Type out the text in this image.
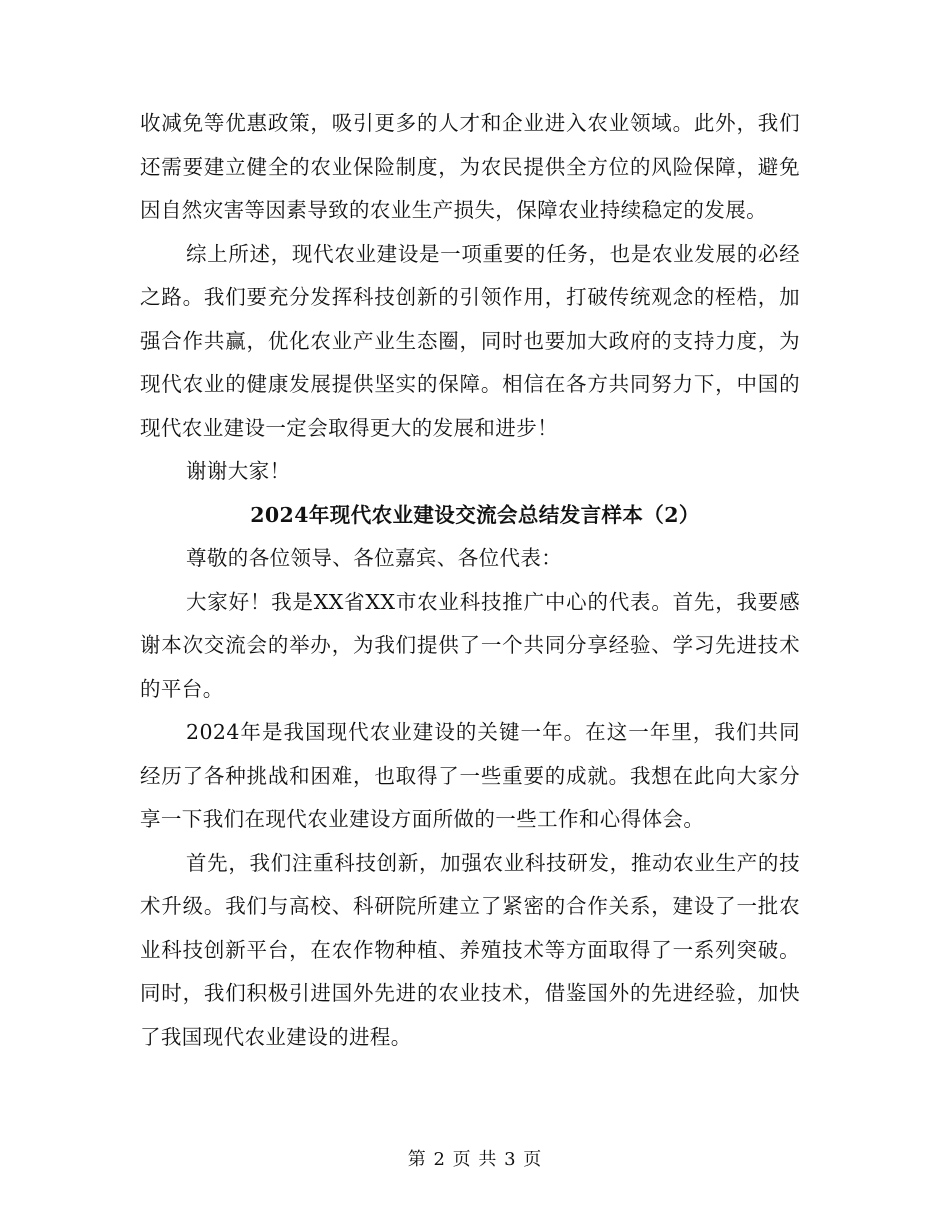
收减免等优惠政策，吸引更多的人才和企业进入农业领域。此外，我们还需要建立健全的农业保险制度，为农民提供全方位的风险保障，避免因自然灾害等因素导致的农业生产损失，保障农业持续稳定的发展。

综上所述，现代农业建设是一项重要的任务，也是农业发展的必经之路。我们要充分发挥科技创新的引领作用，打破传统观念的桎梏，加强合作共赢，优化农业产业生态圈，同时也要加大政府的支持力度，为现代农业的健康发展提供坚实的保障。相信在各方共同努力下，中国的现代农业建设一定会取得更大的发展和进步！

谢谢大家！

2024年现代农业建设交流会总结发言样本（2）

尊敬的各位领导、各位嘉宾、各位代表：

大家好！我是XX省XX市农业科技推广中心的代表。首先，我要感谢本次交流会的举办，为我们提供了一个共同分享经验、学习先进技术的平台。

2024年是我国现代农业建设的关键一年。在这一年里，我们共同经历了各种挑战和困难，也取得了一些重要的成就。我想在此向大家分享一下我们在现代农业建设方面所做的一些工作和心得体会。

首先，我们注重科技创新，加强农业科技研发，推动农业生产的技术升级。我们与高校、科研院所建立了紧密的合作关系，建设了一批农业科技创新平台，在农作物种植、养殖技术等方面取得了一系列突破。同时，我们积极引进国外先进的农业技术，借鉴国外的先进经验，加快了我国现代农业建设的进程。

第 2 页 共 3 页
